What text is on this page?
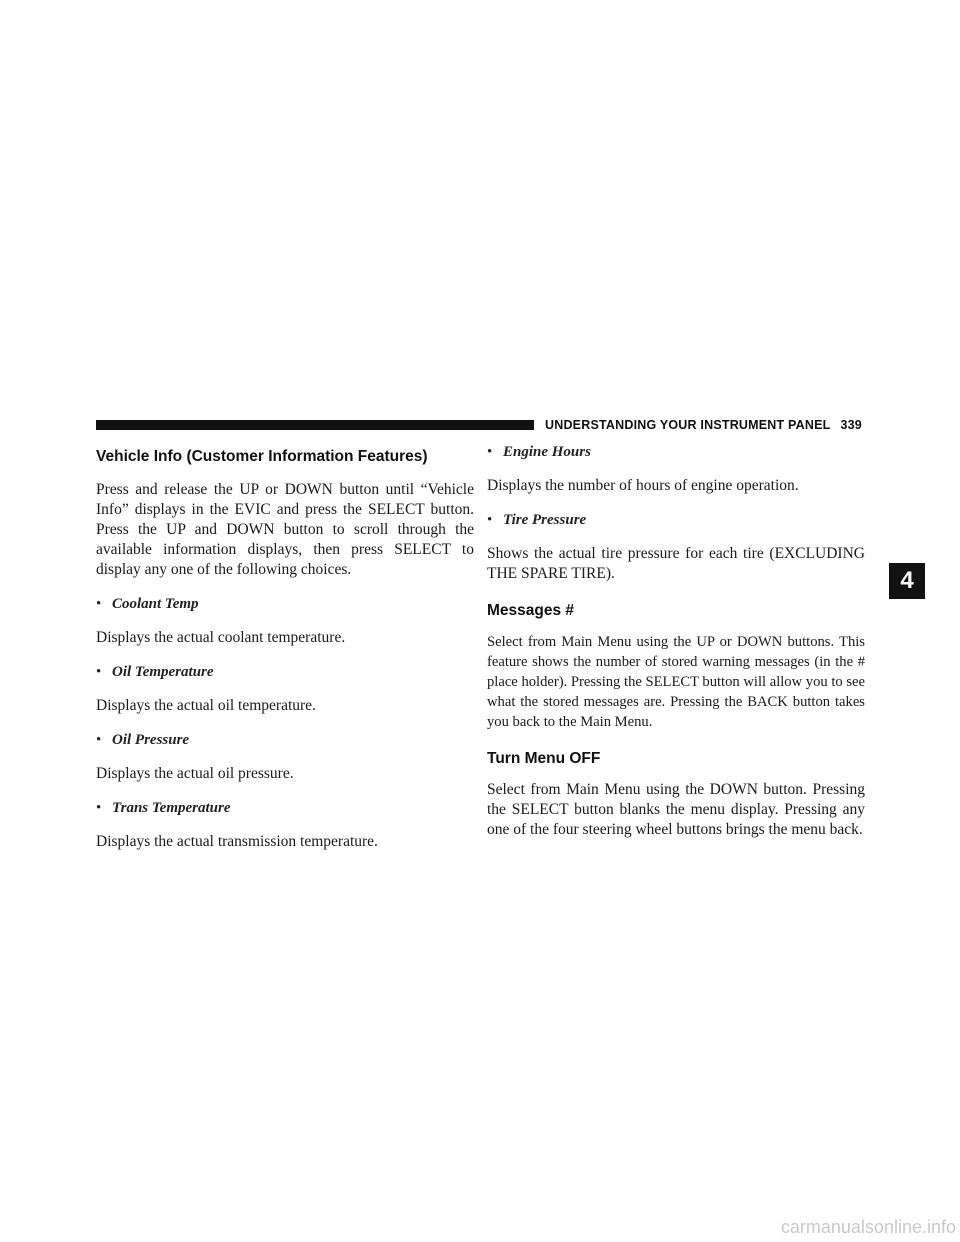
UNDERSTANDING YOUR INSTRUMENT PANEL 339
4
Vehicle Info (Customer Information Features)

Press and release the UP or DOWN button until “Vehicle Info” displays in the EVIC and press the SELECT button. Press the UP and DOWN button to scroll through the available information displays, then press SELECT to display any one of the following choices.

• Coolant Temp

Displays the actual coolant temperature.

• Oil Temperature

Displays the actual oil temperature.

• Oil Pressure

Displays the actual oil pressure.

• Trans Temperature

Displays the actual transmission temperature.

• Engine Hours

Displays the number of hours of engine operation.

• Tire Pressure

Shows the actual tire pressure for each tire (EXCLUDING THE SPARE TIRE).

Messages #

Select from Main Menu using the UP or DOWN buttons. This feature shows the number of stored warning messages (in the # place holder). Pressing the SELECT button will allow you to see what the stored messages are. Pressing the BACK button takes you back to the Main Menu.

Turn Menu OFF

Select from Main Menu using the DOWN button. Pressing the SELECT button blanks the menu display. Pressing any one of the four steering wheel buttons brings the menu back.

carmanualsonline.info
